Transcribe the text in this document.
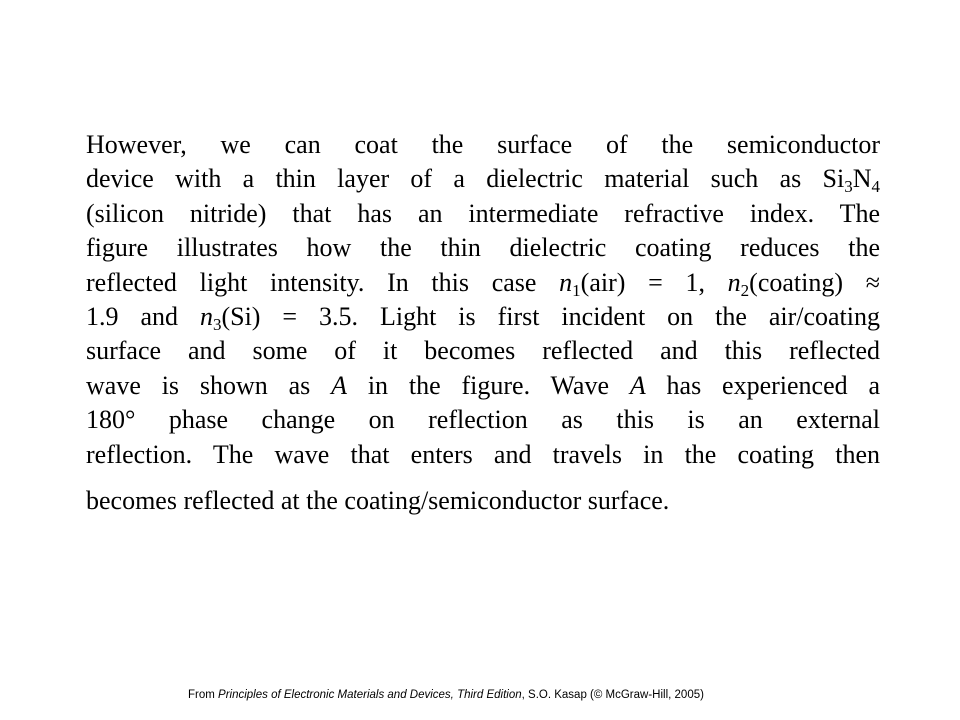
However, we can coat the surface of the semiconductor
device with a thin layer of a dielectric material such as $Si_3N_4$
(silicon nitride) that has an intermediate refractive index. The
figure illustrates how the thin dielectric coating reduces the
reflected light intensity. In this case $n_1(air) = 1$, $n_2(coating)$ ≈
1.9 and $n_3(Si) = 3.5$. Light is first incident on the air/coating
surface and some of it becomes reflected and this reflected
wave is shown as A in the figure. Wave A has experienced a
180° phase change on reflection as this is an external
reflection. The wave that enters and travels in the coating then
becomes reflected at the coating/semiconductor surface.
From Principles of Electronic Materials and Devices, Third Edition, S.O. Kasap (© McGraw-Hill, 2005)
